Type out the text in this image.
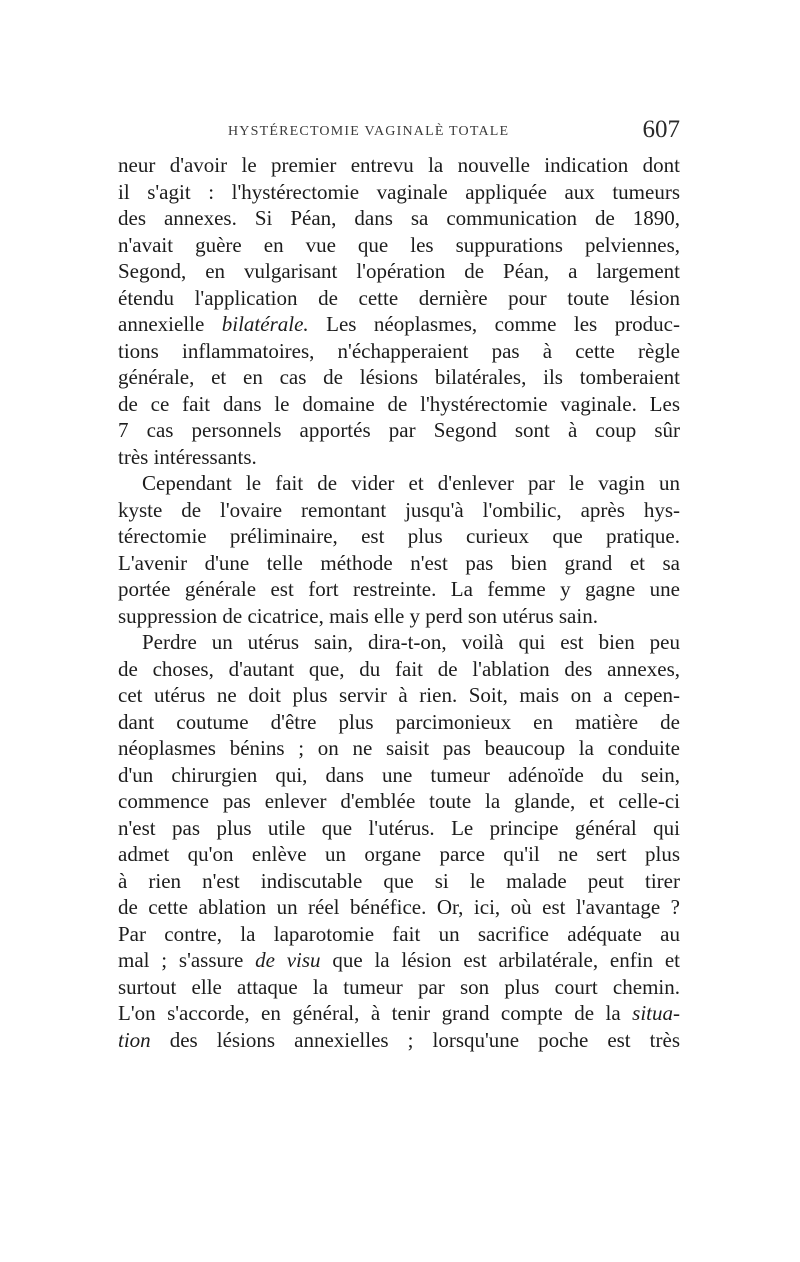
HYSTÉRECTOMIE VAGINALÈ TOTALE	607
neur d'avoir le premier entrevu la nouvelle indication dont
il s'agit : l'hystérectomie vaginale appliquée aux tumeurs
des annexes. Si Péan, dans sa communication de 1890,
n'avait guère en vue que les suppurations pelviennes,
Segond, en vulgarisant l'opération de Péan, a largement
étendu l'application de cette dernière pour toute lésion
annexielle bilatérale. Les néoplasmes, comme les produc-
tions inflammatoires, n'échapperaient pas à cette règle
générale, et en cas de lésions bilatérales, ils tomberaient
de ce fait dans le domaine de l'hystérectomie vaginale. Les
7 cas personnels apportés par Segond sont à coup sûr
très intéressants.
Cependant le fait de vider et d'enlever par le vagin un
kyste de l'ovaire remontant jusqu'à l'ombilic, après hys-
térectomie préliminaire, est plus curieux que pratique.
L'avenir d'une telle méthode n'est pas bien grand et sa
portée générale est fort restreinte. La femme y gagne une
suppression de cicatrice, mais elle y perd son utérus sain.
Perdre un utérus sain, dira-t-on, voilà qui est bien peu
de choses, d'autant que, du fait de l'ablation des annexes,
cet utérus ne doit plus servir à rien. Soit, mais on a cepen-
dant coutume d'être plus parcimonieux en matière de
néoplasmes bénins ; on ne saisit pas beaucoup la conduite
d'un chirurgien qui, dans une tumeur adénoïde du sein,
commence pas enlever d'emblée toute la glande, et celle-ci
n'est pas plus utile que l'utérus. Le principe général qui
admet qu'on enlève un organe parce qu'il ne sert plus
à rien n'est indiscutable que si le malade peut tirer
de cette ablation un réel bénéfice. Or, ici, où est l'avantage ?
Par contre, la laparotomie fait un sacrifice adéquate au
mal ; s'assure de visu que la lésion est arbilatérale, enfin et
surtout elle attaque la tumeur par son plus court chemin.
L'on s'accorde, en général, à tenir grand compte de la situa-
tion des lésions annexielles ; lorsqu'une poche est très
